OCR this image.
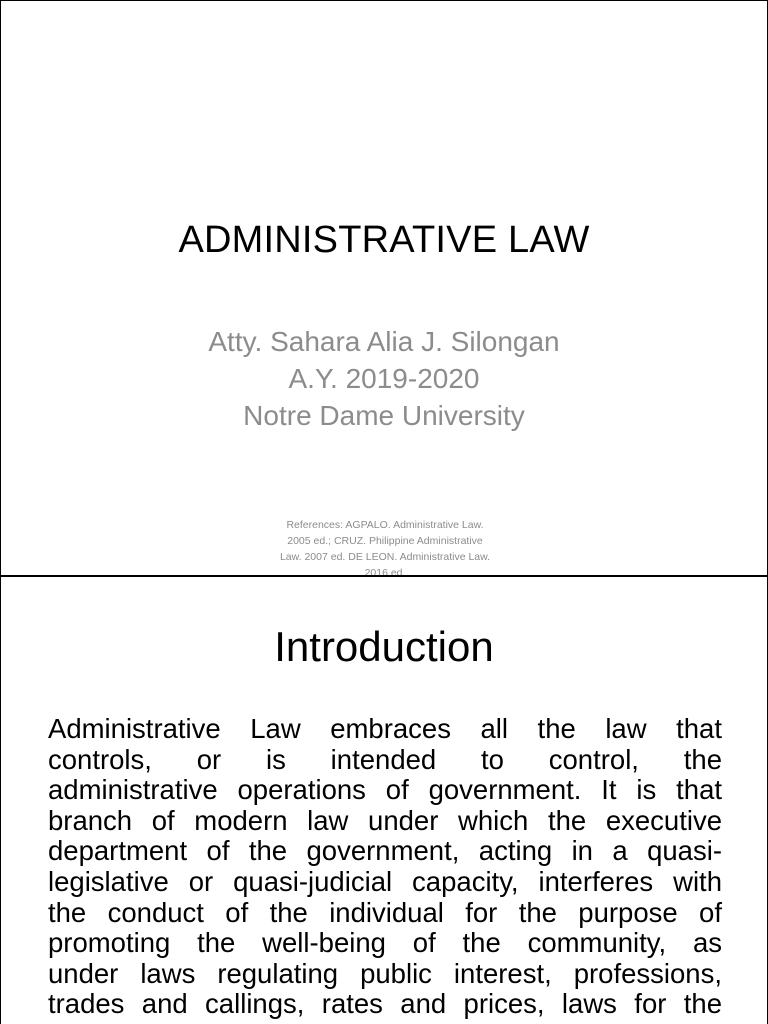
ADMINISTRATIVE LAW
Atty. Sahara Alia J. Silongan
A.Y. 2019-2020
Notre Dame University
References: AGPALO. Administrative Law.
2005 ed.; CRUZ. Philippine Administrative
Law. 2007 ed. DE LEON. Administrative Law.
2016 ed.
Introduction
Administrative Law embraces all the law that
controls, or is intended to control, the
administrative operations of government. It is that
branch of modern law under which the executive
department of the government, acting in a quasi-
legislative or quasi-judicial capacity, interferes with
the conduct of the individual for the purpose of
promoting the well-being of the community, as
under laws regulating public interest, professions,
trades and callings, rates and prices, laws for the
